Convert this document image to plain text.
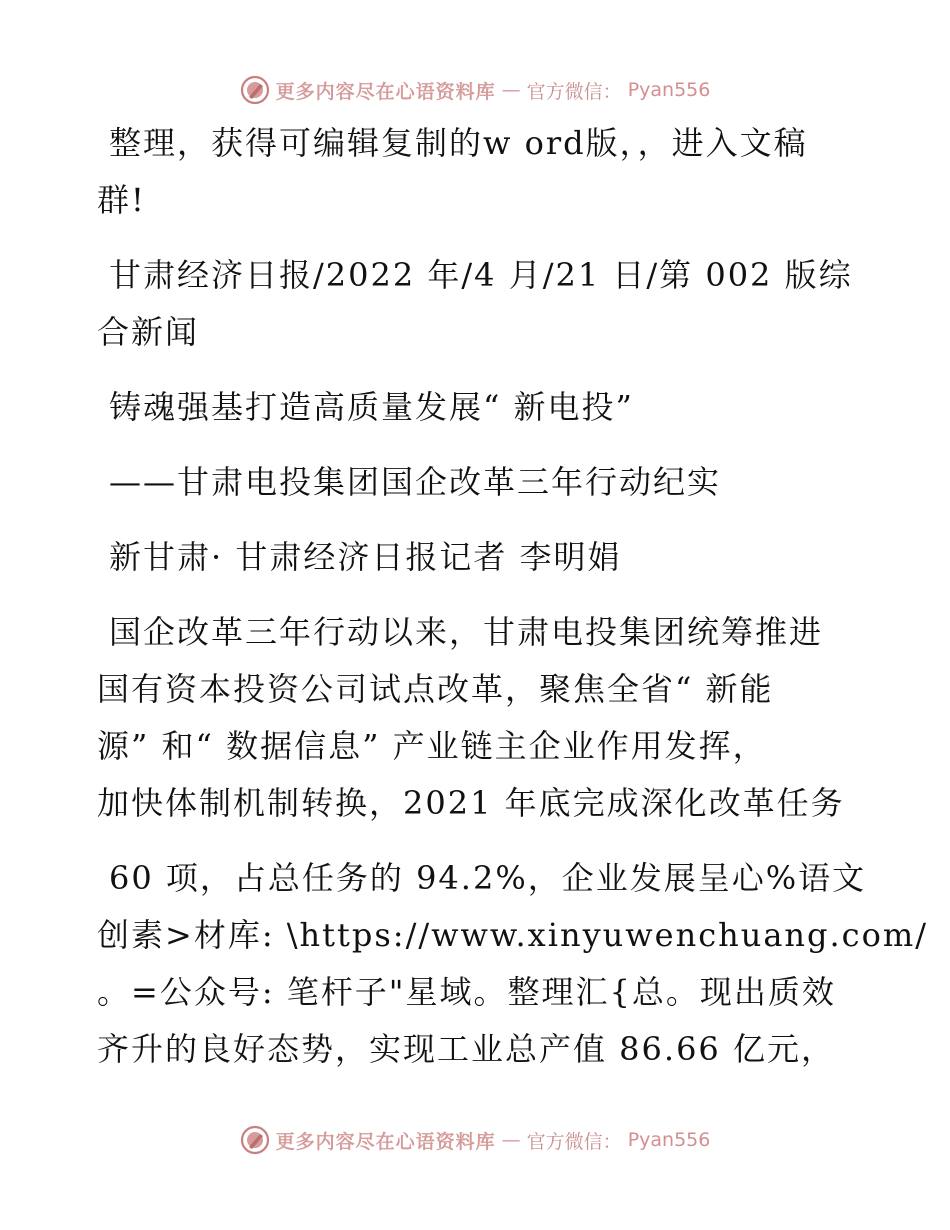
更多内容尽在心语资料库 — 官方微信： Pyan556

整理，获得可编辑复制的w ord版，，进入文稿
群!

甘肃经济日报/2022 年/4 月/21 日/第 002 版综
合新闻

铸魂强基打造高质量发展“ 新电投”

——甘肃电投集团国企改革三年行动纪实

新甘肃· 甘肃经济日报记者 李明娟

国企改革三年行动以来，甘肃电投集团统筹推进
国有资本投资公司试点改革，聚焦全省“ 新能
源” 和“ 数据信息” 产业链主企业作用发挥，
加快体制机制转换，2021 年底完成深化改革任务

60 项，占总任务的 94.2%，企业发展呈心%语文
创素>材库: \https://www.xinyuwenchuang.com/
。=公众号: 笔杆子"星域。整理汇{总。现出质效
齐升的良好态势，实现工业总产值 86.66 亿元，

更多内容尽在心语资料库 — 官方微信： Pyan556
